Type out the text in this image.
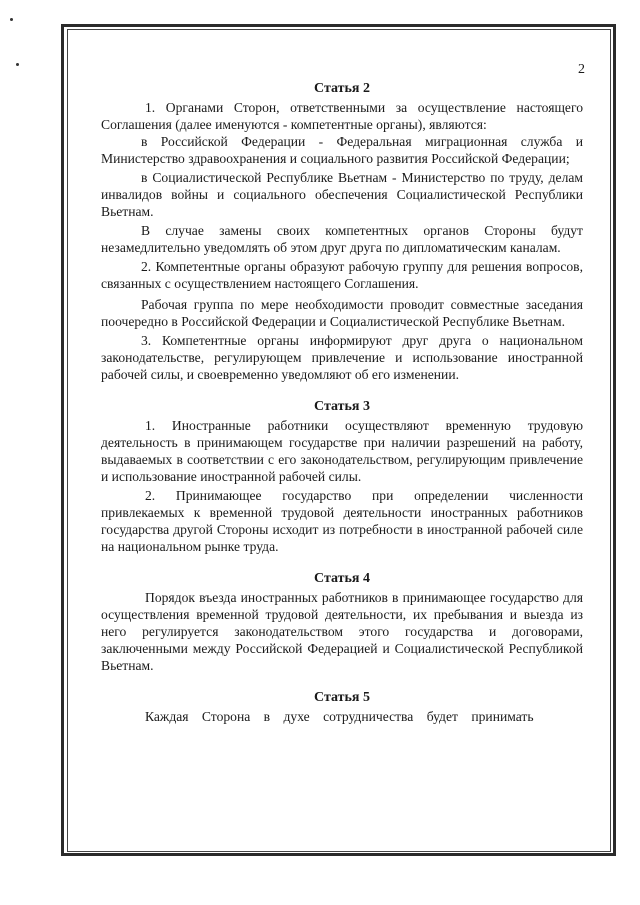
2

Статья 2

1. Органами Сторон, ответственными за осуществление настоящего Соглашения (далее именуются - компетентные органы), являются:

в Российской Федерации - Федеральная миграционная служба и Министерство здравоохранения и социального развития Российской Федерации;

в Социалистической Республике Вьетнам - Министерство по труду, делам инвалидов войны и социального обеспечения Социалистической Республики Вьетнам.

В случае замены своих компетентных органов Стороны будут незамедлительно уведомлять об этом друг друга по дипломатическим каналам.

2. Компетентные органы образуют рабочую группу для решения вопросов, связанных с осуществлением настоящего Соглашения.

Рабочая группа по мере необходимости проводит совместные заседания поочередно в Российской Федерации и Социалистической Республике Вьетнам.

3. Компетентные органы информируют друг друга о национальном законодательстве, регулирующем привлечение и использование иностранной рабочей силы, и своевременно уведомляют об его изменении.

Статья 3

1. Иностранные работники осуществляют временную трудовую деятельность в принимающем государстве при наличии разрешений на работу, выдаваемых в соответствии с его законодательством, регулирующим привлечение и использование иностранной рабочей силы.

2. Принимающее государство при определении численности привлекаемых к временной трудовой деятельности иностранных работников государства другой Стороны исходит из потребности в иностранной рабочей силе на национальном рынке труда.

Статья 4

Порядок въезда иностранных работников в принимающее государство для осуществления временной трудовой деятельности, их пребывания и выезда из него регулируется законодательством этого государства и договорами, заключенными между Российской Федерацией и Социалистической Республикой Вьетнам.

Статья 5

Каждая Сторона в духе сотрудничества будет принимать
